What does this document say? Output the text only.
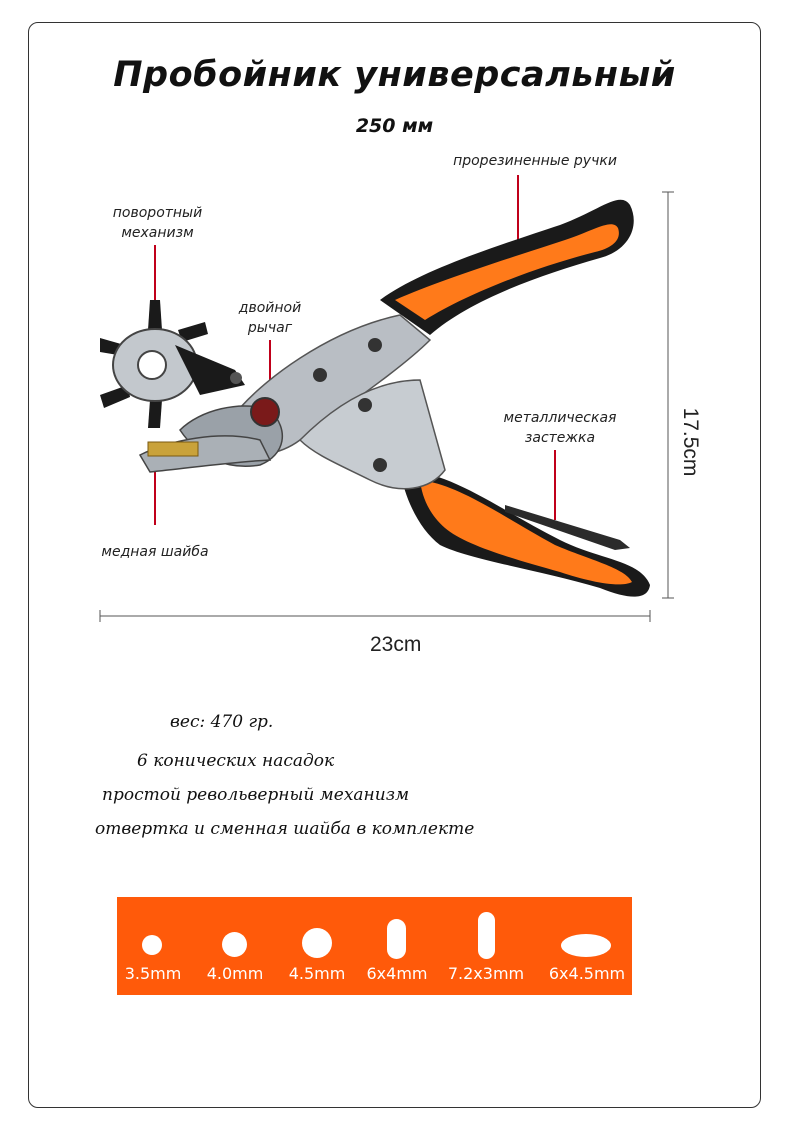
Пробойник универсальный
250 мм
поворотный
механизм
двойной
рычаг
прорезиненные ручки
металлическая
застежка
медная шайба
23cm
17.5cm
вес: 470 гр.
6 конических насадок
простой револьверный механизм
отвертка и сменная шайба в комплекте
3.5mm	4.0mm	4.5mm	6x4mm	7.2x3mm	6x4.5mm
